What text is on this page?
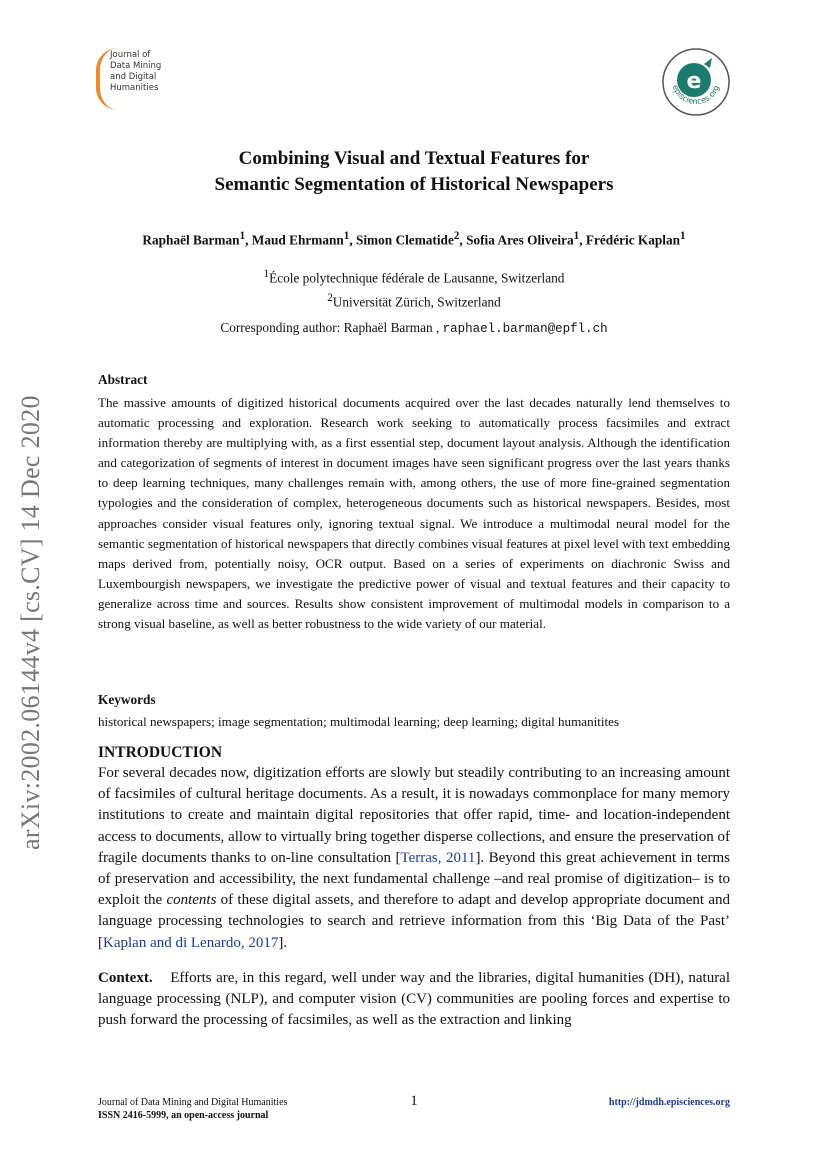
Journal of
Data Mining
and Digital
Humanities	e
episciences.org
arXiv:2002.06144v4 [cs.CV] 14 Dec 2020
Combining Visual and Textual Features for
Semantic Segmentation of Historical Newspapers
Raphaël Barman$^1$, Maud Ehrmann$^1$, Simon Clematide$^2$, Sofia Ares Oliveira$^1$, Frédéric Kaplan$^1$
$^1$École polytechnique fédérale de Lausanne, Switzerland
$^2$Universität Zürich, Switzerland
Corresponding author: Raphaël Barman , raphael.barman@epfl.ch
Abstract
The massive amounts of digitized historical documents acquired over the last decades naturally lend themselves to automatic processing and exploration. Research work seeking to automatically process facsimiles and extract information thereby are multiplying with, as a first essential step, document layout analysis. Although the identification and categorization of segments of interest in document images have seen significant progress over the last years thanks to deep learning techniques, many challenges remain with, among others, the use of more fine-grained segmentation typologies and the consideration of complex, heterogeneous documents such as historical newspapers. Besides, most approaches consider visual features only, ignoring textual signal. We introduce a multimodal neural model for the semantic segmentation of historical newspapers that directly combines visual features at pixel level with text embedding maps derived from, potentially noisy, OCR output. Based on a series of experiments on diachronic Swiss and Luxembourgish newspapers, we investigate the predictive power of visual and textual features and their capacity to generalize across time and sources. Results show consistent improvement of multimodal models in comparison to a strong visual baseline, as well as better robustness to the wide variety of our material.
Keywords
historical newspapers; image segmentation; multimodal learning; deep learning; digital humanitites
INTRODUCTION
For several decades now, digitization efforts are slowly but steadily contributing to an increasing amount of facsimiles of cultural heritage documents. As a result, it is nowadays commonplace for many memory institutions to create and maintain digital repositories that offer rapid, time- and location-independent access to documents, allow to virtually bring together disperse collections, and ensure the preservation of fragile documents thanks to on-line consultation [Terras, 2011]. Beyond this great achievement in terms of preservation and accessibility, the next fundamental challenge –and real promise of digitization– is to exploit the contents of these digital assets, and therefore to adapt and develop appropriate document and language processing technologies to search and retrieve information from this ‘Big Data of the Past’ [Kaplan and di Lenardo, 2017].
Context. Efforts are, in this regard, well under way and the libraries, digital humanities (DH), natural language processing (NLP), and computer vision (CV) communities are pooling forces and expertise to push forward the processing of facsimiles, as well as the extraction and linking
Journal of Data Mining and Digital Humanities
ISSN 2416-5999, an open-access journal
1	http://jdmdh.episciences.org
